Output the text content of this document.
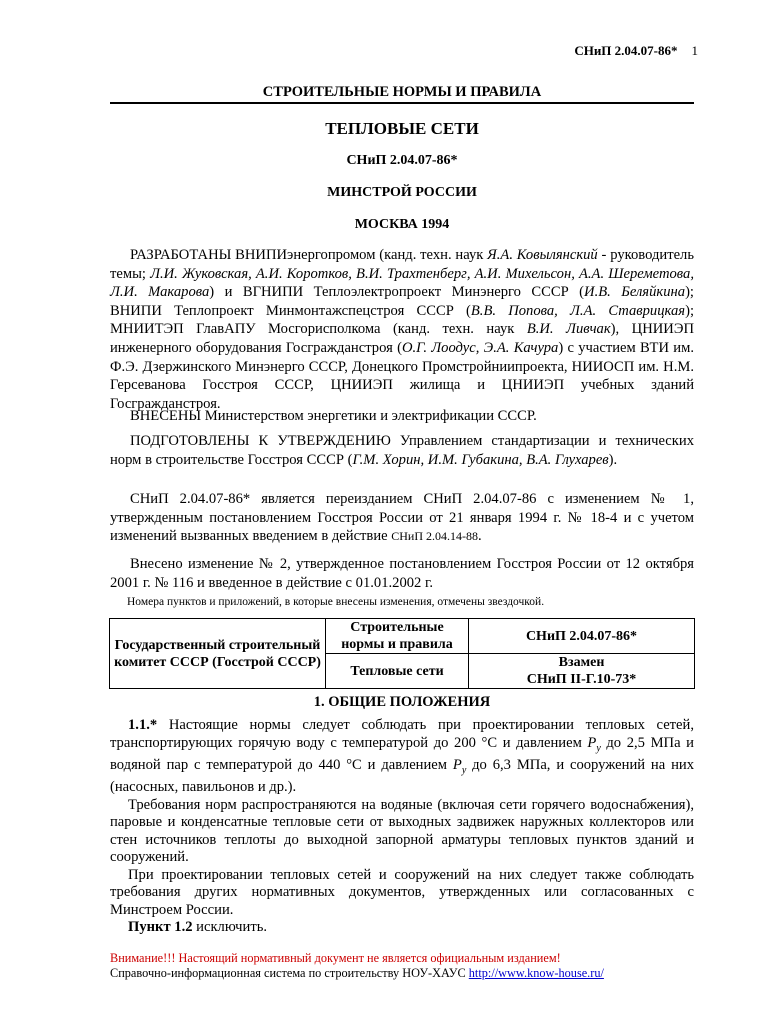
СНиП 2.04.07-86* 1
СТРОИТЕЛЬНЫЕ НОРМЫ И ПРАВИЛА
ТЕПЛОВЫЕ СЕТИ
СНиП 2.04.07-86*
МИНСТРОЙ РОССИИ
МОСКВА 1994

РАЗРАБОТАНЫ ВНИПИэнергопромом (канд. техн. наук Я.А. Ковылянский - руководитель темы; Л.И. Жуковская, А.И. Коротков, В.И. Трахтенберг, А.И. Михельсон, А.А. Шереметова, Л.И. Макарова) и ВГНИПИ Теплоэлектропроект Минэнерго СССР (И.В. Беляйкина); ВНИПИ Теплопроект Минмонтажспецстроя СССР (В.В. Попова, Л.А. Ставрицкая); МНИИТЭП ГлавАПУ Мосгорисполкома (канд. техн. наук В.И. Ливчак), ЦНИИЭП инженерного оборудования Госгражданстроя (О.Г. Лоодус, Э.А. Качура) с участием ВТИ им. Ф.Э. Дзержинского Минэнерго СССР, Донецкого Промстройниипроекта, НИИОСП им. Н.М. Герсеванова Госстроя СССР, ЦНИИЭП жилища и ЦНИИЭП учебных зданий Госгражданстроя.

ВНЕСЕНЫ Министерством энергетики и электрификации СССР.

ПОДГОТОВЛЕНЫ К УТВЕРЖДЕНИЮ Управлением стандартизации и технических норм в строительстве Госстроя СССР (Г.М. Хорин, И.М. Губакина, В.А. Глухарев).

СНиП 2.04.07-86* является переизданием СНиП 2.04.07-86 с изменением № 1, утвержденным постановлением Госстроя России от 21 января 1994 г. № 18-4 и с учетом изменений вызванных введением в действие СНиП 2.04.14-88.

Внесено изменение № 2, утвержденное постановлением Госстроя России от 12 октября 2001 г. № 116 и введенное в действие с 01.01.2002 г.

Номера пунктов и приложений, в которые внесены изменения, отмечены звездочкой.
Государственный строительный комитет СССР (Госстрой СССР)	Строительные нормы и правила	СНиП 2.04.07-86*
	Тепловые сети	Взамен
СНиП II-Г.10-73*
1. ОБЩИЕ ПОЛОЖЕНИЯ

1.1.* Настоящие нормы следует соблюдать при проектировании тепловых сетей, транспортирующих горячую воду с температурой до 200 °С и давлением $P_y$ до 2,5 МПа и водяной пар с температурой до 440 °С и давлением $P_y$ до 6,3 МПа, и сооружений на них (насосных, павильонов и др.).

Требования норм распространяются на водяные (включая сети горячего водоснабжения), паровые и конденсатные тепловые сети от выходных задвижек наружных коллекторов или стен источников теплоты до выходной запорной арматуры тепловых пунктов зданий и сооружений.

При проектировании тепловых сетей и сооружений на них следует также соблюдать требования других нормативных документов, утвержденных или согласованных с Минстроем России.

Пункт 1.2 исключить.

Внимание!!! Настоящий нормативный документ не является официальным изданием!
Справочно-информационная система по строительству НОУ-ХАУС http://www.know-house.ru/
